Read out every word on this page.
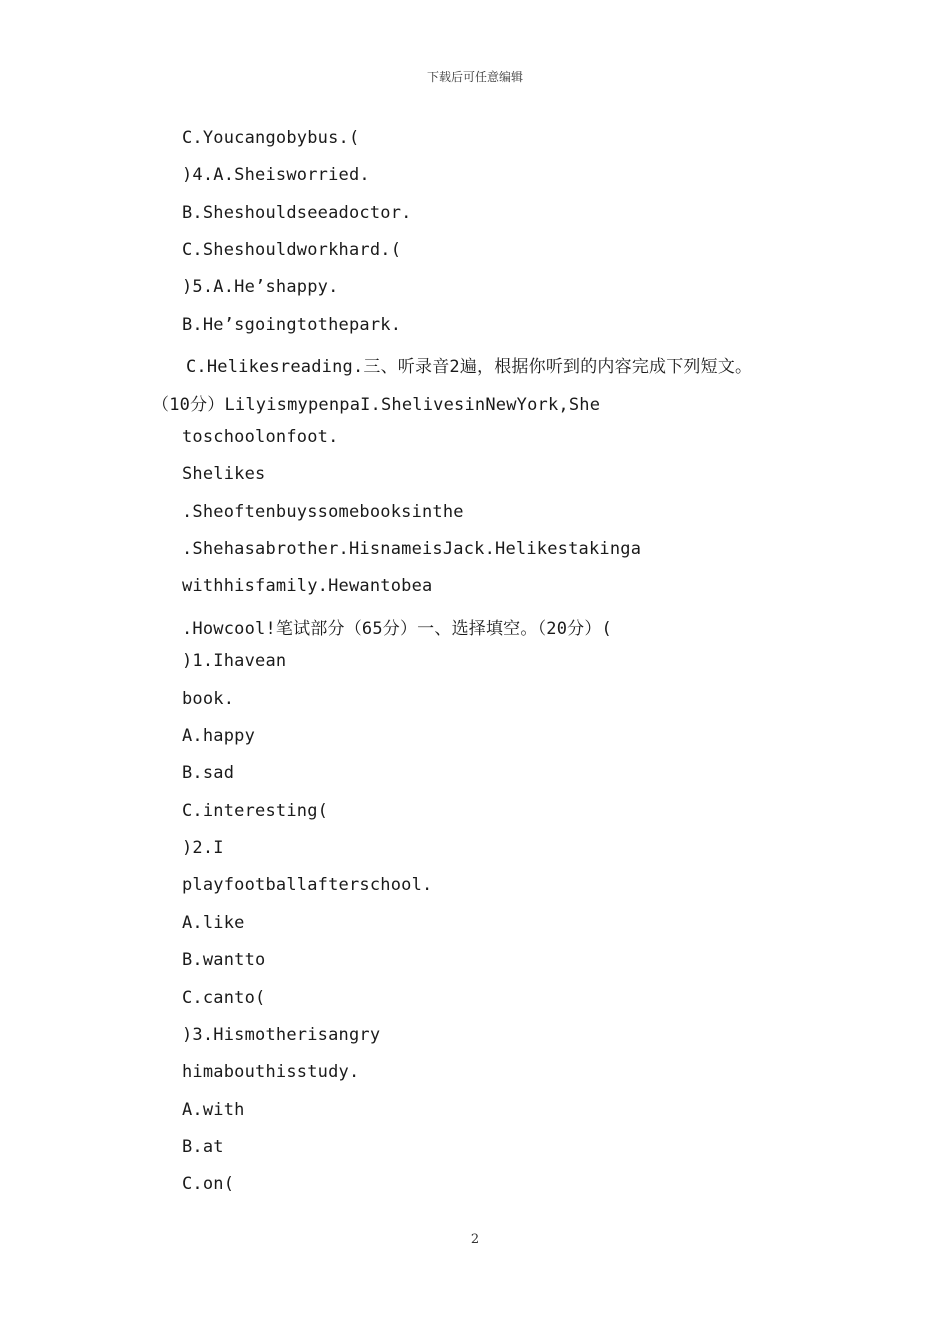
下载后可任意编辑
C.Youcangobybus.(
)4.A.Sheisworried.
B.Sheshouldseeadoctor.
C.Sheshouldworkhard.(
)5.A.He’shappy.
B.He’sgoingtothepark.
C.Helikesreading.三、听录音2遍，根据你听到的内容完成下列短文。
（10分）LilyismypenpaI.ShelivesinNewYork,She
toschoolonfoot.
Shelikes
.Sheoftenbuyssomebooksinthe
.Shehasabrother.HisnameisJack.Helikestakinga
withhisfamily.Hewantobea
.Howcool!笔试部分（65分）一、选择填空。（20分）(
)1.Ihavean
book.
A.happy
B.sad
C.interesting(
)2.I
playfootballafterschool.
A.like
B.wantto
C.canto(
)3.Hismotherisangry
himabouthisstudy.
A.with
B.at
C.on(
2
